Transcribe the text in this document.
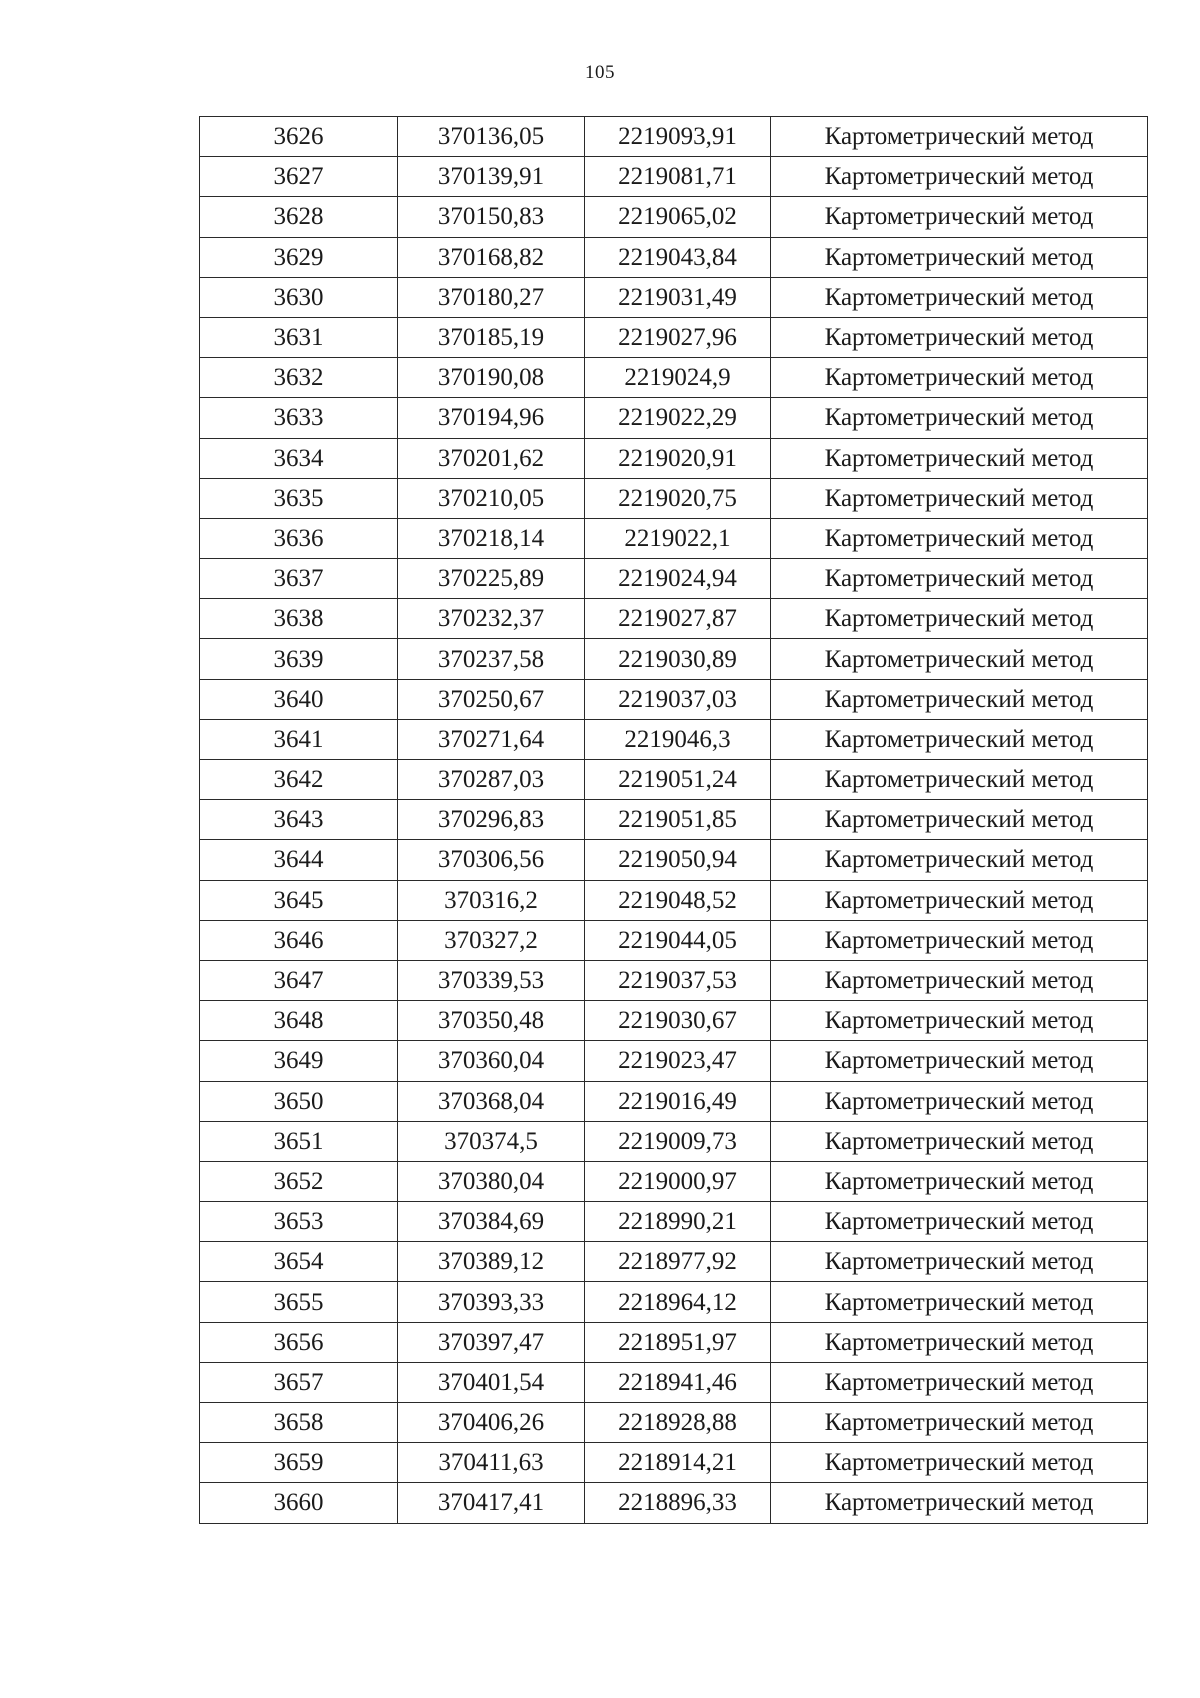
105
3626	370136,05	2219093,91	Картометрический метод
3627	370139,91	2219081,71	Картометрический метод
3628	370150,83	2219065,02	Картометрический метод
3629	370168,82	2219043,84	Картометрический метод
3630	370180,27	2219031,49	Картометрический метод
3631	370185,19	2219027,96	Картометрический метод
3632	370190,08	2219024,9	Картометрический метод
3633	370194,96	2219022,29	Картометрический метод
3634	370201,62	2219020,91	Картометрический метод
3635	370210,05	2219020,75	Картометрический метод
3636	370218,14	2219022,1	Картометрический метод
3637	370225,89	2219024,94	Картометрический метод
3638	370232,37	2219027,87	Картометрический метод
3639	370237,58	2219030,89	Картометрический метод
3640	370250,67	2219037,03	Картометрический метод
3641	370271,64	2219046,3	Картометрический метод
3642	370287,03	2219051,24	Картометрический метод
3643	370296,83	2219051,85	Картометрический метод
3644	370306,56	2219050,94	Картометрический метод
3645	370316,2	2219048,52	Картометрический метод
3646	370327,2	2219044,05	Картометрический метод
3647	370339,53	2219037,53	Картометрический метод
3648	370350,48	2219030,67	Картометрический метод
3649	370360,04	2219023,47	Картометрический метод
3650	370368,04	2219016,49	Картометрический метод
3651	370374,5	2219009,73	Картометрический метод
3652	370380,04	2219000,97	Картометрический метод
3653	370384,69	2218990,21	Картометрический метод
3654	370389,12	2218977,92	Картометрический метод
3655	370393,33	2218964,12	Картометрический метод
3656	370397,47	2218951,97	Картометрический метод
3657	370401,54	2218941,46	Картометрический метод
3658	370406,26	2218928,88	Картометрический метод
3659	370411,63	2218914,21	Картометрический метод
3660	370417,41	2218896,33	Картометрический метод
